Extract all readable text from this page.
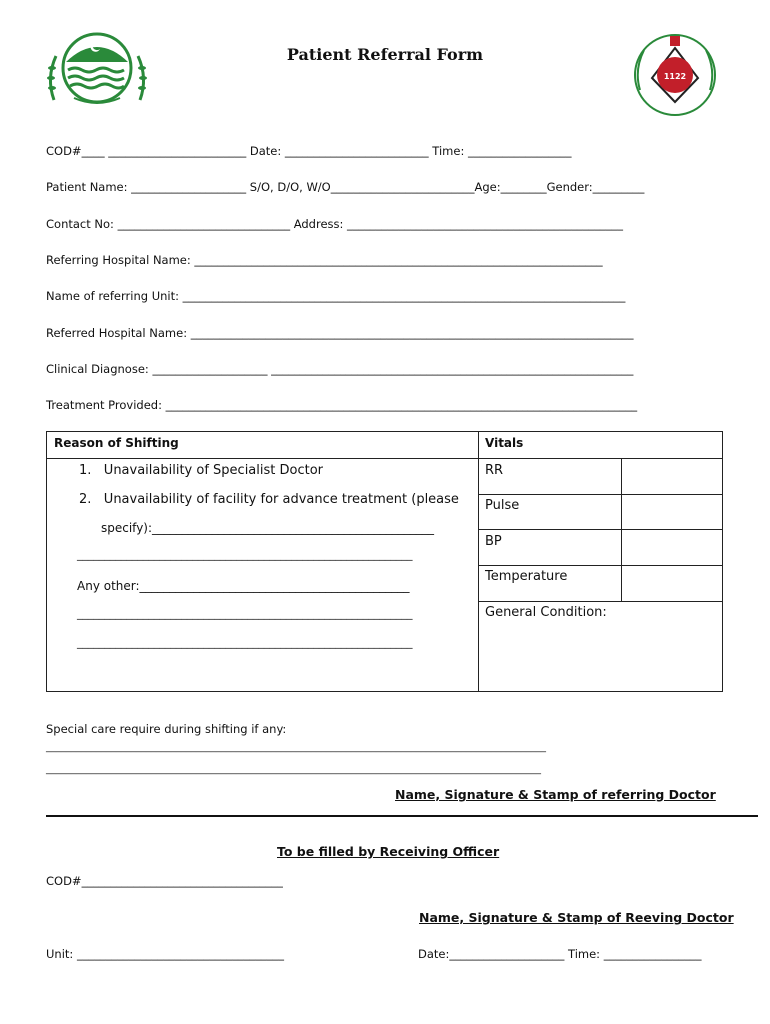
1122
Patient Referral Form
COD#____ ________________________ Date: _________________________ Time: __________________
Patient Name: ____________________ S/O, D/O, W/O_________________________Age:________Gender:_________
Contact No: ______________________________ Address: ________________________________________________
Referring Hospital Name: _______________________________________________________________________
Name of referring Unit: _____________________________________________________________________________
Referred Hospital Name: _____________________________________________________________________________
Clinical Diagnose: ____________________ _______________________________________________________________
Treatment Provided: __________________________________________________________________________________
Reason of Shifting	Vitals
1.   Unavailability of Specialist Doctor
2.   Unavailability of facility for advance treatment (please
specify):_______________________________________________
_____________________________________________________________
Any other:_____________________________________________
_____________________________________________________________
_____________________________________________________________
RR
Pulse
BP
Temperature
General Condition:
Special care require during shifting if any:
____________________________________________________________________________________________________
___________________________________________________________________________________________________
Name, Signature & Stamp of referring Doctor
To be filled by Receiving Officer
COD#___________________________________
Name, Signature & Stamp of Reeving Doctor
Unit: ____________________________________	Date:____________________ Time: _________________
